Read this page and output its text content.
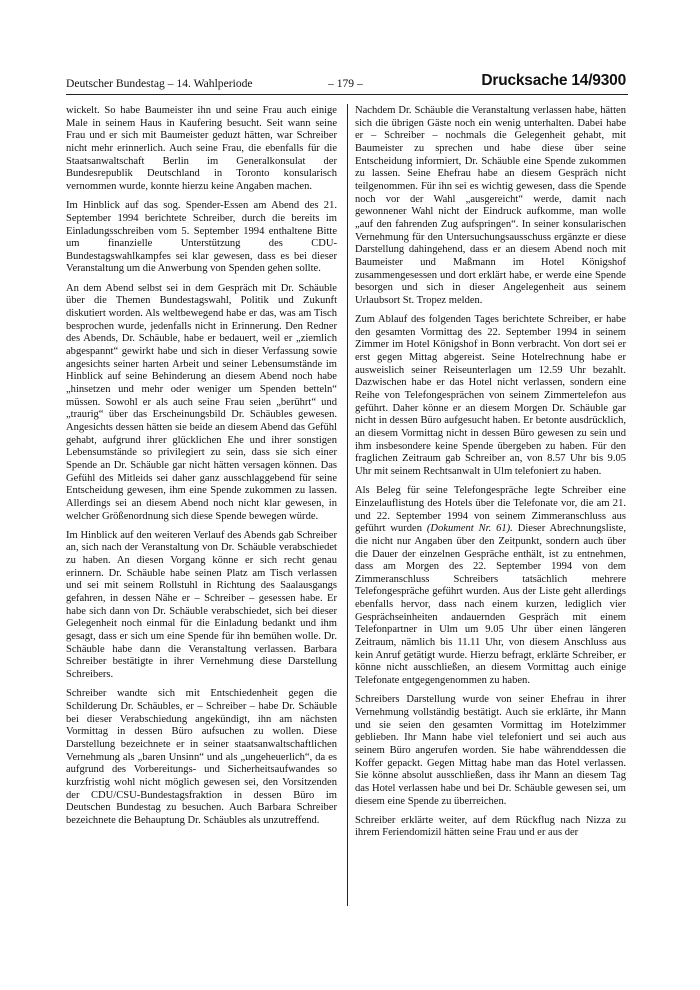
Deutscher Bundestag – 14. Wahlperiode	– 179 –	Drucksache 14/9300

wickelt. So habe Baumeister ihn und seine Frau auch einige Male in seinem Haus in Kaufering besucht. Seit wann seine Frau und er sich mit Baumeister geduzt hätten, war Schreiber nicht mehr erinnerlich. Auch seine Frau, die ebenfalls für die Staatsanwaltschaft Berlin im Generalkonsulat der Bundesrepublik Deutschland in Toronto konsularisch vernommen wurde, konnte hierzu keine Angaben machen.

Im Hinblick auf das sog. Spender-Essen am Abend des 21. September 1994 berichtete Schreiber, durch die bereits im Einladungsschreiben vom 5. September 1994 enthaltene Bitte um finanzielle Unterstützung des CDU-Bundestagswahlkampfes sei klar gewesen, dass es bei dieser Veranstaltung um die Anwerbung von Spenden gehen sollte.

An dem Abend selbst sei in dem Gespräch mit Dr. Schäuble über die Themen Bundestagswahl, Politik und Zukunft diskutiert worden. Als weltbewegend habe er das, was am Tisch besprochen wurde, jedenfalls nicht in Erinnerung. Den Redner des Abends, Dr. Schäuble, habe er bedauert, weil er „ziemlich abgespannt“ gewirkt habe und sich in dieser Verfassung sowie angesichts seiner harten Arbeit und seiner Lebensumstände im Hinblick auf seine Behinderung an diesem Abend noch habe „hinsetzen und mehr oder weniger um Spenden betteln“ müssen. Sowohl er als auch seine Frau seien „berührt“ und „traurig“ über das Erscheinungsbild Dr. Schäubles gewesen. Angesichts dessen hätten sie beide an diesem Abend das Gefühl gehabt, aufgrund ihrer glücklichen Ehe und ihrer sonstigen Lebensumstände so privilegiert zu sein, dass sie sich einer Spende an Dr. Schäuble gar nicht hätten versagen können. Das Gefühl des Mitleids sei daher ganz ausschlaggebend für seine Entscheidung gewesen, ihm eine Spende zukommen zu lassen. Allerdings sei an diesem Abend noch nicht klar gewesen, in welcher Größenordnung sich diese Spende bewegen würde.

Im Hinblick auf den weiteren Verlauf des Abends gab Schreiber an, sich nach der Veranstaltung von Dr. Schäuble verabschiedet zu haben. An diesen Vorgang könne er sich recht genau erinnern. Dr. Schäuble habe seinen Platz am Tisch verlassen und sei mit seinem Rollstuhl in Richtung des Saalausgangs gefahren, in dessen Nähe er – Schreiber – gesessen habe. Er habe sich dann von Dr. Schäuble verabschiedet, sich bei dieser Gelegenheit noch einmal für die Einladung bedankt und ihm gesagt, dass er sich um eine Spende für ihn bemühen wolle. Dr. Schäuble habe dann die Veranstaltung verlassen. Barbara Schreiber bestätigte in ihrer Vernehmung diese Darstellung Schreibers.

Schreiber wandte sich mit Entschiedenheit gegen die Schilderung Dr. Schäubles, er – Schreiber – habe Dr. Schäuble bei dieser Verabschiedung angekündigt, ihn am nächsten Vormittag in dessen Büro aufsuchen zu wollen. Diese Darstellung bezeichnete er in seiner staatsanwaltschaftlichen Vernehmung als „baren Unsinn“ und als „ungeheuerlich“, da es aufgrund des Vorbereitungs- und Sicherheitsaufwandes so kurzfristig wohl nicht möglich gewesen sei, den Vorsitzenden der CDU/CSU-Bundestagsfraktion in dessen Büro im Deutschen Bundestag zu besuchen. Auch Barbara Schreiber bezeichnete die Behauptung Dr. Schäubles als unzutreffend.

Nachdem Dr. Schäuble die Veranstaltung verlassen habe, hätten sich die übrigen Gäste noch ein wenig unterhalten. Dabei habe er – Schreiber – nochmals die Gelegenheit gehabt, mit Baumeister zu sprechen und habe diese über seine Entscheidung informiert, Dr. Schäuble eine Spende zukommen zu lassen. Seine Ehefrau habe an diesem Gespräch nicht teilgenommen. Für ihn sei es wichtig gewesen, dass die Spende noch vor der Wahl „ausgereicht“ werde, damit nach gewonnener Wahl nicht der Eindruck aufkomme, man wolle „auf den fahrenden Zug aufspringen“. In seiner konsularischen Vernehmung für den Untersuchungsausschuss ergänzte er diese Darstellung dahingehend, dass er an diesem Abend noch mit Baumeister und Maßmann im Hotel Königshof zusammengesessen und dort erklärt habe, er werde eine Spende besorgen und sich in dieser Angelegenheit aus seinem Urlaubsort St. Tropez melden.

Zum Ablauf des folgenden Tages berichtete Schreiber, er habe den gesamten Vormittag des 22. September 1994 in seinem Zimmer im Hotel Königshof in Bonn verbracht. Von dort sei er erst gegen Mittag abgereist. Seine Hotelrechnung habe er ausweislich seiner Reiseunterlagen um 12.59 Uhr bezahlt. Dazwischen habe er das Hotel nicht verlassen, sondern eine Reihe von Telefongesprächen von seinem Zimmertelefon aus geführt. Daher könne er an diesem Morgen Dr. Schäuble gar nicht in dessen Büro aufgesucht haben. Er betonte ausdrücklich, an diesem Vormittag nicht in dessen Büro gewesen zu sein und ihm insbesondere keine Spende übergeben zu haben. Für den fraglichen Zeitraum gab Schreiber an, von 8.57 Uhr bis 9.05 Uhr mit seinem Rechtsanwalt in Ulm telefoniert zu haben.

Als Beleg für seine Telefongespräche legte Schreiber eine Einzelauflistung des Hotels über die Telefonate vor, die am 21. und 22. September 1994 von seinem Zimmeranschluss aus geführt wurden (Dokument Nr. 61). Dieser Abrechnungsliste, die nicht nur Angaben über den Zeitpunkt, sondern auch über die Dauer der einzelnen Gespräche enthält, ist zu entnehmen, dass am Morgen des 22. September 1994 von dem Zimmeranschluss Schreibers tatsächlich mehrere Telefongespräche geführt wurden. Aus der Liste geht allerdings ebenfalls hervor, dass nach einem kurzen, lediglich vier Gesprächseinheiten andauernden Gespräch mit einem Telefonpartner in Ulm um 9.05 Uhr über einen längeren Zeitraum, nämlich bis 11.11 Uhr, von diesem Anschluss aus kein Anruf getätigt wurde. Hierzu befragt, erklärte Schreiber, er könne nicht ausschließen, an diesem Vormittag auch einige Telefonate entgegengenommen zu haben.

Schreibers Darstellung wurde von seiner Ehefrau in ihrer Vernehmung vollständig bestätigt. Auch sie erklärte, ihr Mann und sie seien den gesamten Vormittag im Hotelzimmer geblieben. Ihr Mann habe viel telefoniert und sei auch aus seinem Büro angerufen worden. Sie habe währenddessen die Koffer gepackt. Gegen Mittag habe man das Hotel verlassen. Sie könne absolut ausschließen, dass ihr Mann an diesem Tag das Hotel verlassen habe und bei Dr. Schäuble gewesen sei, um diesem eine Spende zu überreichen.

Schreiber erklärte weiter, auf dem Rückflug nach Nizza zu ihrem Feriendomizil hätten seine Frau und er aus der
